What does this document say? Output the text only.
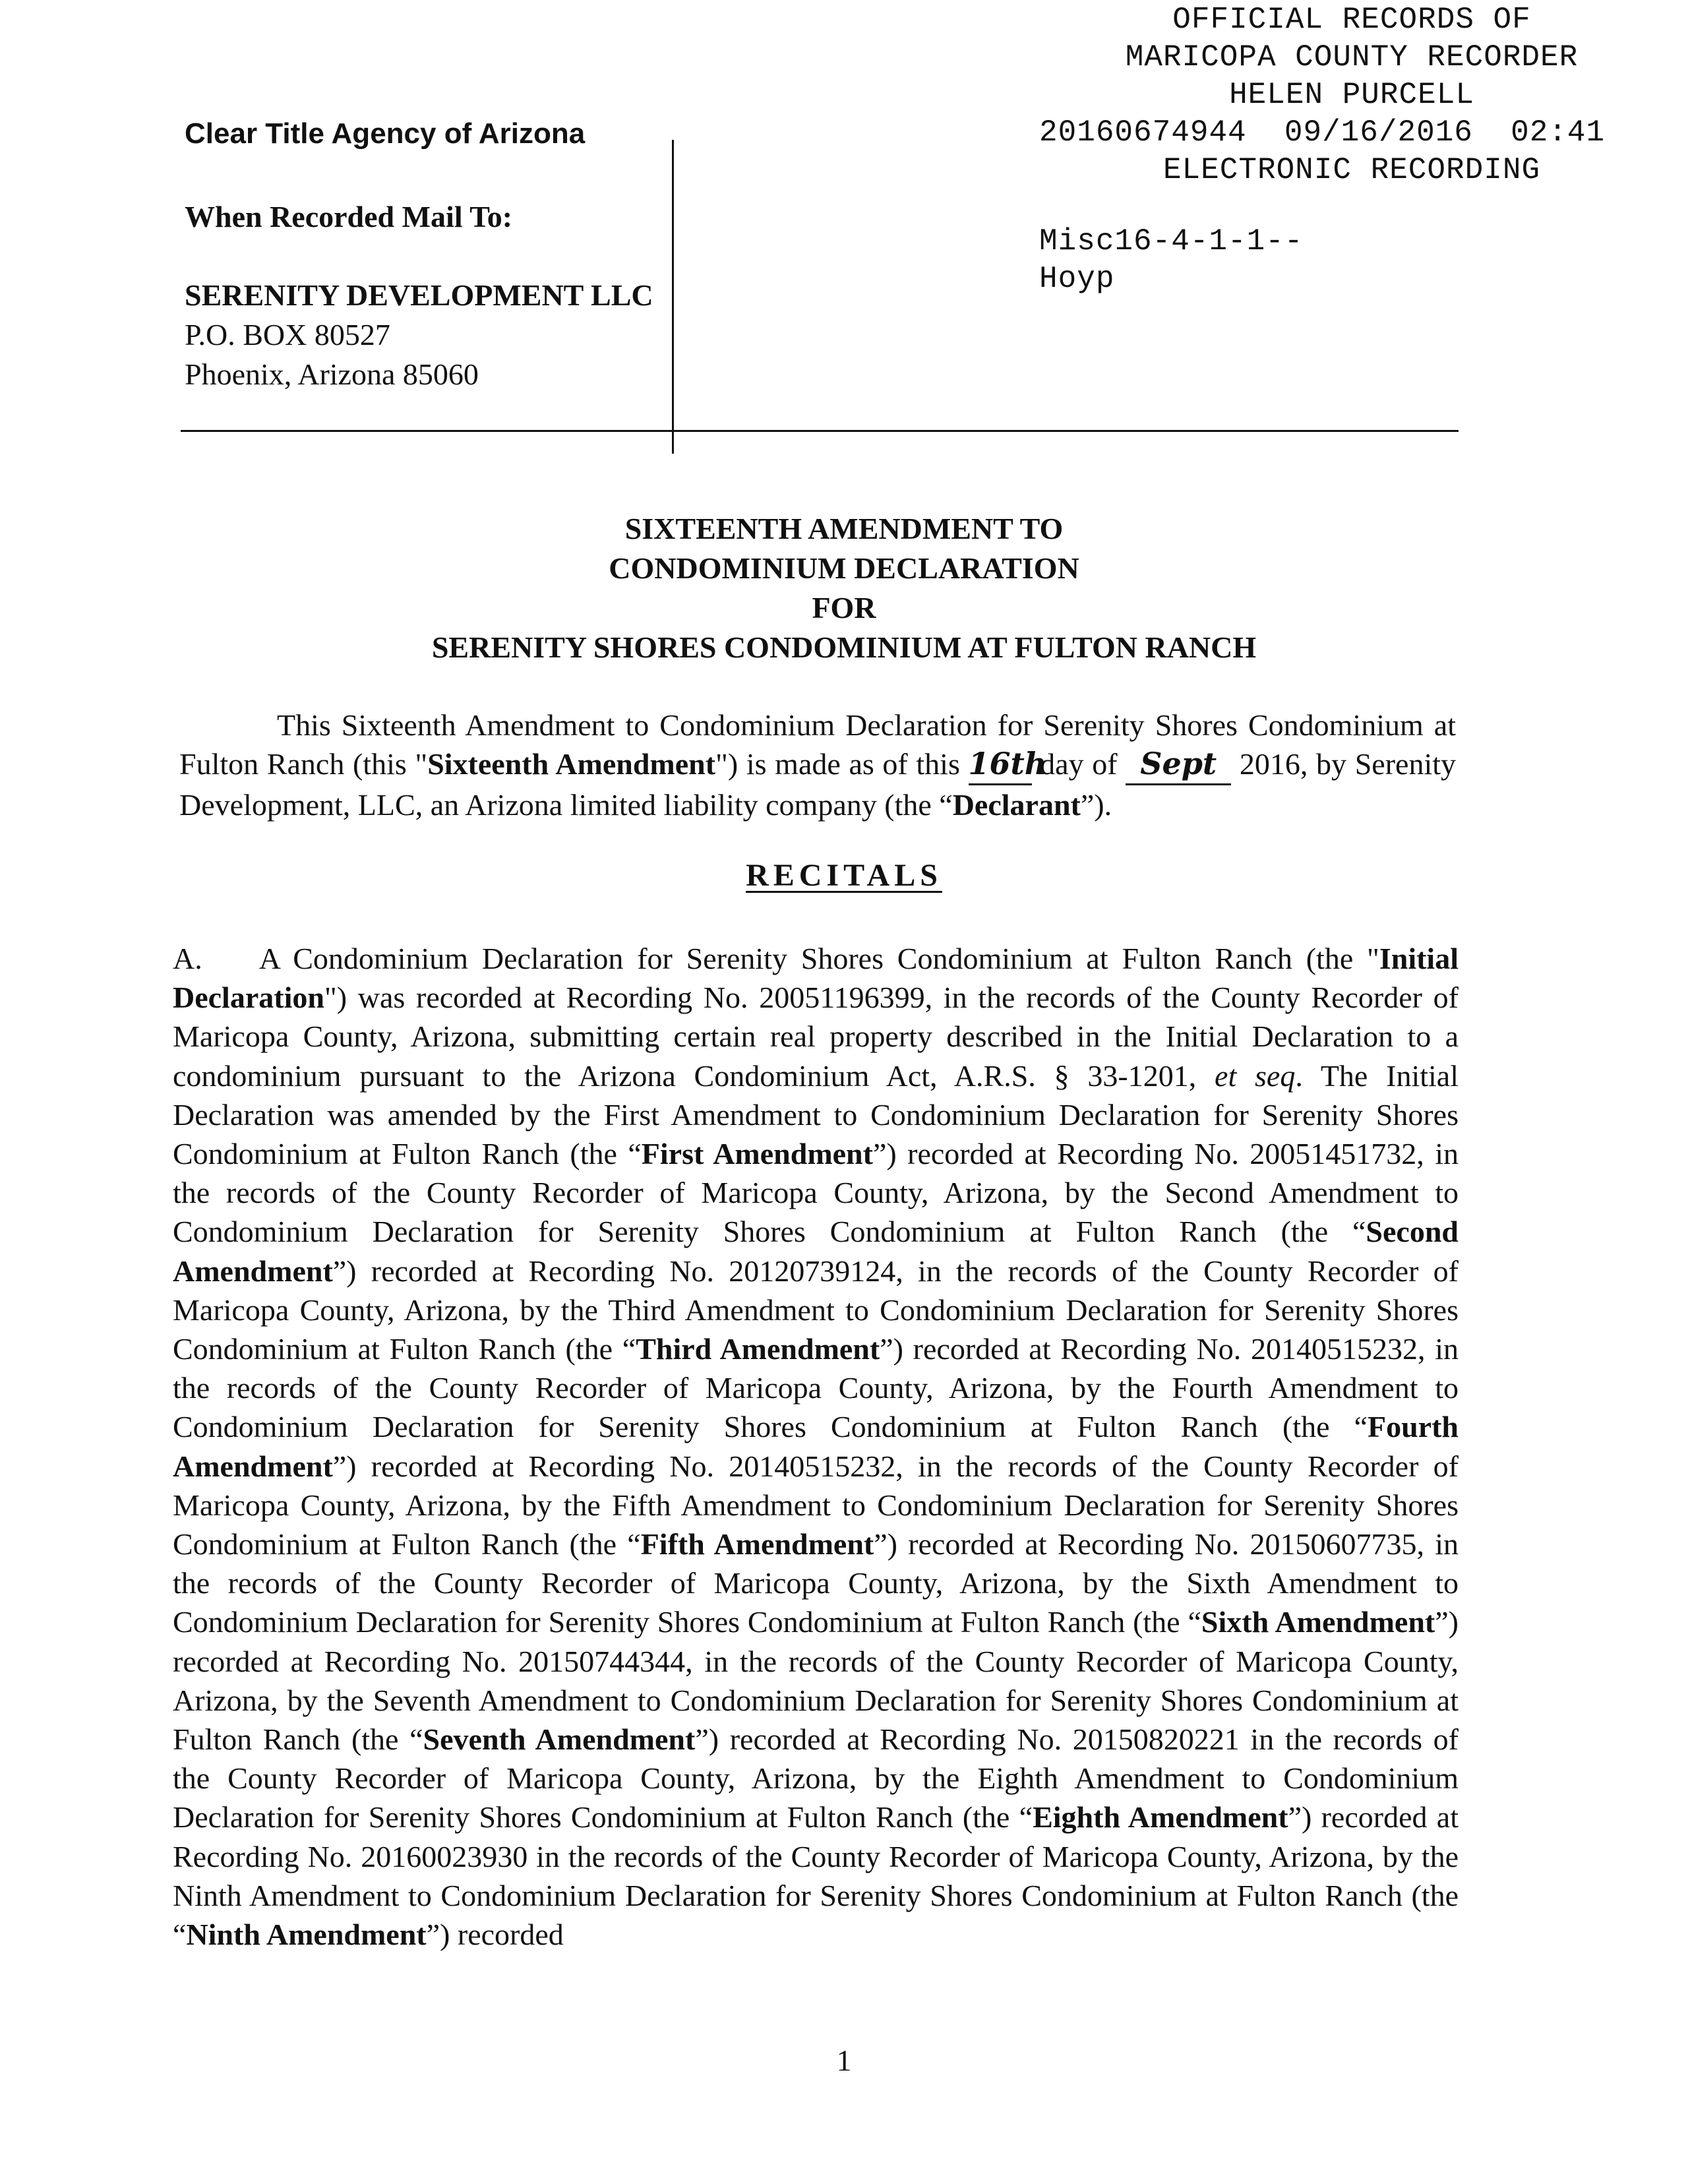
OFFICIAL RECORDS OF
MARICOPA COUNTY RECORDER
HELEN PURCELL
20160674944  09/16/2016  02:41
ELECTRONIC RECORDING
Misc16-4-1-1--
Hoyp
Clear Title Agency of Arizona
When Recorded Mail To:
SERENITY DEVELOPMENT LLC
P.O. BOX 80527
Phoenix, Arizona 85060
SIXTEENTH AMENDMENT TO
CONDOMINIUM DECLARATION
FOR
SERENITY SHORES CONDOMINIUM AT FULTON RANCH
This Sixteenth Amendment to Condominium Declaration for Serenity Shores Condominium at Fulton Ranch (this "Sixteenth Amendment") is made as of this 16th day of Sept 2016, by Serenity Development, LLC, an Arizona limited liability company (the “Declarant”).
RECITALS
A. A Condominium Declaration for Serenity Shores Condominium at Fulton Ranch (the "Initial Declaration") was recorded at Recording No. 20051196399, in the records of the County Recorder of Maricopa County, Arizona, submitting certain real property described in the Initial Declaration to a condominium pursuant to the Arizona Condominium Act, A.R.S. § 33-1201, et seq. The Initial Declaration was amended by the First Amendment to Condominium Declaration for Serenity Shores Condominium at Fulton Ranch (the “First Amendment”) recorded at Recording No. 20051451732, in the records of the County Recorder of Maricopa County, Arizona, by the Second Amendment to Condominium Declaration for Serenity Shores Condominium at Fulton Ranch (the “Second Amendment”) recorded at Recording No. 20120739124, in the records of the County Recorder of Maricopa County, Arizona, by the Third Amendment to Condominium Declaration for Serenity Shores Condominium at Fulton Ranch (the “Third Amendment”) recorded at Recording No. 20140515232, in the records of the County Recorder of Maricopa County, Arizona, by the Fourth Amendment to Condominium Declaration for Serenity Shores Condominium at Fulton Ranch (the “Fourth Amendment”) recorded at Recording No. 20140515232, in the records of the County Recorder of Maricopa County, Arizona, by the Fifth Amendment to Condominium Declaration for Serenity Shores Condominium at Fulton Ranch (the “Fifth Amendment”) recorded at Recording No. 20150607735, in the records of the County Recorder of Maricopa County, Arizona, by the Sixth Amendment to Condominium Declaration for Serenity Shores Condominium at Fulton Ranch (the “Sixth Amendment”) recorded at Recording No. 20150744344, in the records of the County Recorder of Maricopa County, Arizona, by the Seventh Amendment to Condominium Declaration for Serenity Shores Condominium at Fulton Ranch (the “Seventh Amendment”) recorded at Recording No. 20150820221 in the records of the County Recorder of Maricopa County, Arizona, by the Eighth Amendment to Condominium Declaration for Serenity Shores Condominium at Fulton Ranch (the “Eighth Amendment”) recorded at Recording No. 20160023930 in the records of the County Recorder of Maricopa County, Arizona, by the Ninth Amendment to Condominium Declaration for Serenity Shores Condominium at Fulton Ranch (the “Ninth Amendment”) recorded
1
